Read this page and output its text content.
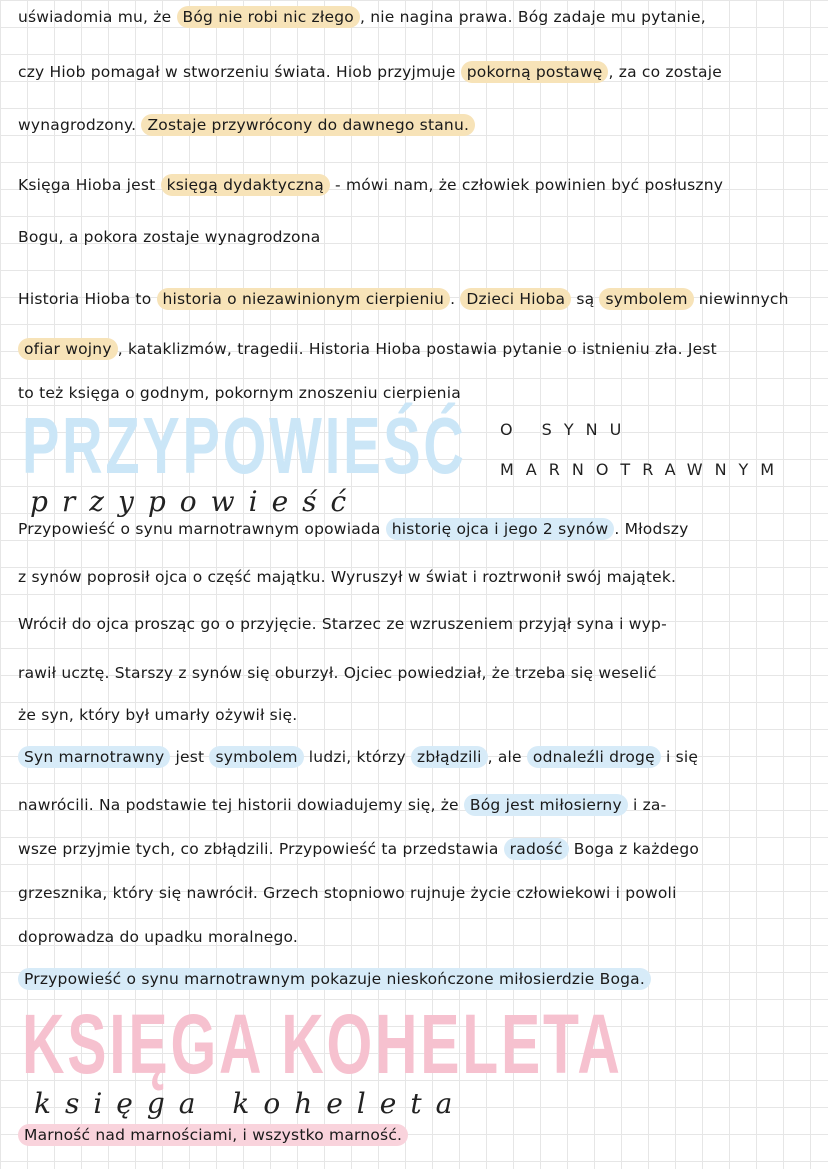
PRZYPOWIEŚĆ
przypowieść
O SYNU
MARNOTRAWNYM
KSIĘGA KOHELETA
księga koheleta
uświadomia mu, że Bóg nie robi nic złego , nie nagina prawa. Bóg zadaje mu pytanie,
czy Hiob pomagał w stworzeniu świata. Hiob przyjmuje pokorną postawę , za co zostaje
wynagrodzony. Zostaje przywrócony do dawnego stanu.
Księga Hioba jest księgą dydaktyczną - mówi nam, że człowiek powinien być posłuszny
Bogu, a pokora zostaje wynagrodzona
Historia Hioba to historia o niezawinionym cierpieniu . Dzieci Hioba są symbolem niewinnych
ofiar wojny , kataklizmów, tragedii. Historia Hioba postawia pytanie o istnieniu zła. Jest
to też księga o godnym, pokornym znoszeniu cierpienia
Przypowieść o synu marnotrawnym opowiada historię ojca i jego 2 synów . Młodszy
z synów poprosił ojca o część majątku. Wyruszył w świat i roztrwonił swój majątek.
Wrócił do ojca prosząc go o przyjęcie. Starzec ze wzruszeniem przyjął syna i wyp-
rawił ucztę. Starszy z synów się oburzył. Ojciec powiedział, że trzeba się weselić
że syn, który był umarły ożywił się.
Syn marnotrawny jest symbolem ludzi, którzy zbłądzili , ale odnaleźli drogę i się
nawrócili. Na podstawie tej historii dowiadujemy się, że Bóg jest miłosierny i za-
wsze przyjmie tych, co zbłądzili. Przypowieść ta przedstawia radość Boga z każdego
grzesznika, który się nawrócił. Grzech stopniowo rujnuje życie człowiekowi i powoli
doprowadza do upadku moralnego.
Przypowieść o synu marnotrawnym pokazuje nieskończone miłosierdzie Boga.
Marność nad marnościami, i wszystko marność.
